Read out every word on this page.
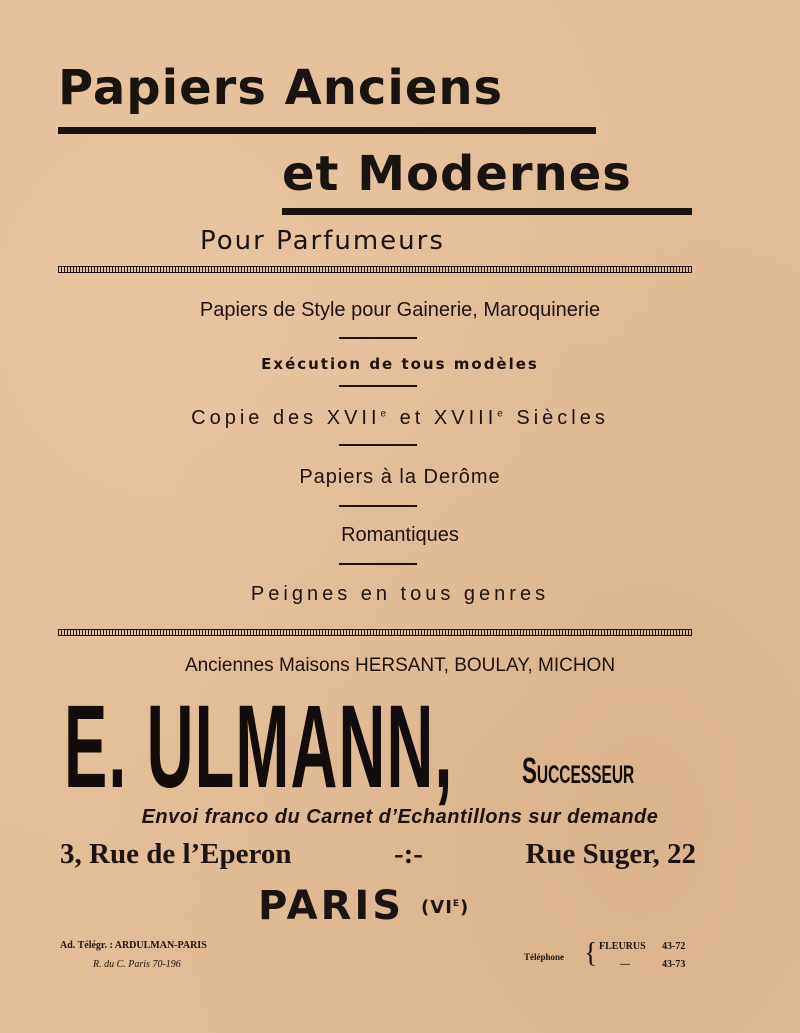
Papiers Anciens
et Modernes
Pour Parfumeurs
Papiers de Style pour Gainerie, Maroquinerie
Exécution de tous modèles
Copie des XVIIe et XVIIIe Siècles
Papiers à la Derôme
Romantiques
Peignes en tous genres
Anciennes Maisons HERSANT, BOULAY, MICHON
E. ULMANN, Successeur
Envoi franco du Carnet d’Echantillons sur demande
3, Rue de l’Eperon	-:-	Rue Suger, 22
PARIS $(VI^E)$
Ad. Télégr. : ARDULMAN-PARIS
R. du C. Paris 70-196
Téléphone { FLEURUS 43-72
—	43-73
